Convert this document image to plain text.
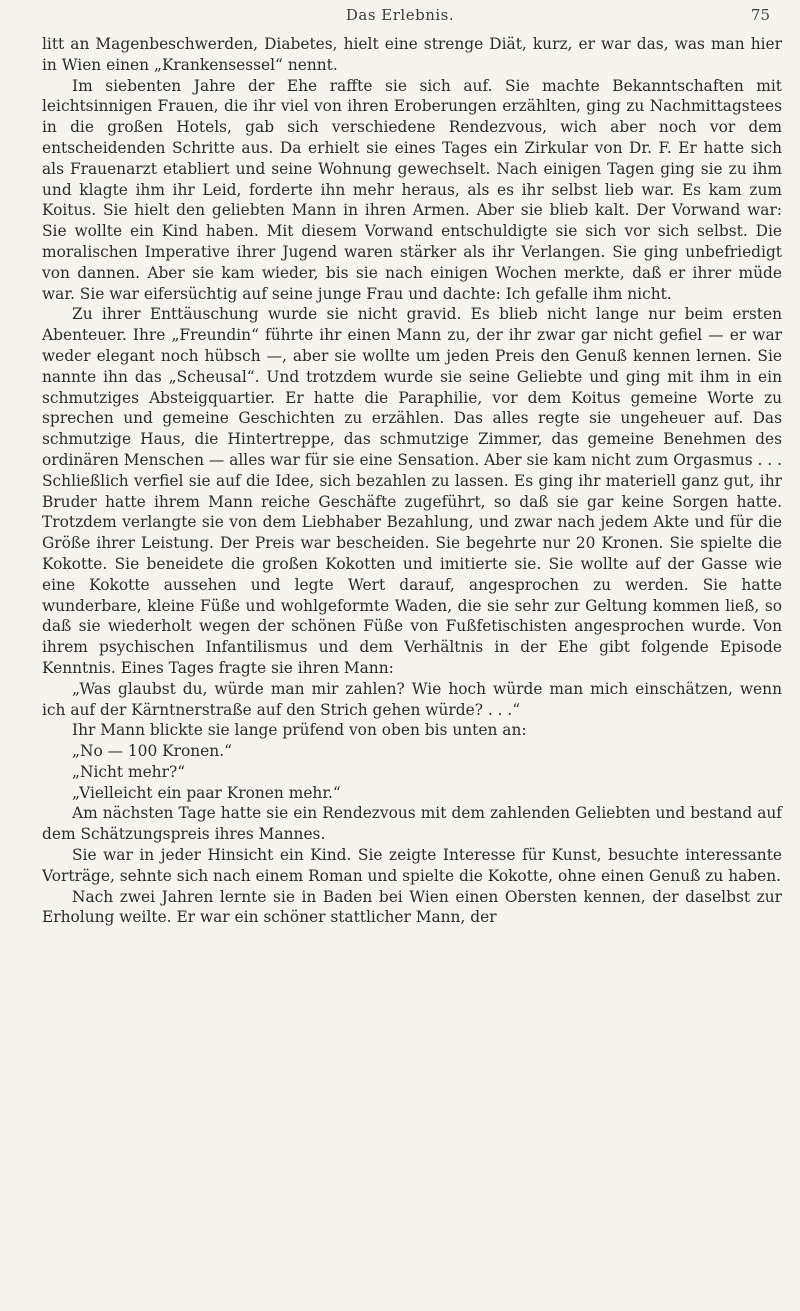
Das Erlebnis.	75

litt an Magenbeschwerden, Diabetes, hielt eine strenge Diät, kurz, er war das, was man hier in Wien einen „Krankensessel“ nennt.

Im siebenten Jahre der Ehe raffte sie sich auf. Sie machte Bekanntschaften mit leichtsinnigen Frauen, die ihr viel von ihren Eroberungen erzählten, ging zu Nachmittagstees in die großen Hotels, gab sich verschiedene Rendezvous, wich aber noch vor dem entscheidenden Schritte aus. Da erhielt sie eines Tages ein Zirkular von Dr. F. Er hatte sich als Frauenarzt etabliert und seine Wohnung gewechselt. Nach einigen Tagen ging sie zu ihm und klagte ihm ihr Leid, forderte ihn mehr heraus, als es ihr selbst lieb war. Es kam zum Koitus. Sie hielt den geliebten Mann in ihren Armen. Aber sie blieb kalt. Der Vorwand war: Sie wollte ein Kind haben. Mit diesem Vorwand entschuldigte sie sich vor sich selbst. Die moralischen Imperative ihrer Jugend waren stärker als ihr Verlangen. Sie ging unbefriedigt von dannen. Aber sie kam wieder, bis sie nach einigen Wochen merkte, daß er ihrer müde war. Sie war eifersüchtig auf seine junge Frau und dachte: Ich gefalle ihm nicht.

Zu ihrer Enttäuschung wurde sie nicht gravid. Es blieb nicht lange nur beim ersten Abenteuer. Ihre „Freundin“ führte ihr einen Mann zu, der ihr zwar gar nicht gefiel — er war weder elegant noch hübsch —, aber sie wollte um jeden Preis den Genuß kennen lernen. Sie nannte ihn das „Scheusal“. Und trotzdem wurde sie seine Geliebte und ging mit ihm in ein schmutziges Absteigquartier. Er hatte die Paraphilie, vor dem Koitus gemeine Worte zu sprechen und gemeine Geschichten zu erzählen. Das alles regte sie ungeheuer auf. Das schmutzige Haus, die Hintertreppe, das schmutzige Zimmer, das gemeine Benehmen des ordinären Menschen — alles war für sie eine Sensation. Aber sie kam nicht zum Orgasmus . . . Schließlich verfiel sie auf die Idee, sich bezahlen zu lassen. Es ging ihr materiell ganz gut, ihr Bruder hatte ihrem Mann reiche Geschäfte zugeführt, so daß sie gar keine Sorgen hatte. Trotzdem verlangte sie von dem Liebhaber Bezahlung, und zwar nach jedem Akte und für die Größe ihrer Leistung. Der Preis war bescheiden. Sie begehrte nur 20 Kronen. Sie spielte die Kokotte. Sie beneidete die großen Kokotten und imitierte sie. Sie wollte auf der Gasse wie eine Kokotte aussehen und legte Wert darauf, angesprochen zu werden. Sie hatte wunderbare, kleine Füße und wohlgeformte Waden, die sie sehr zur Geltung kommen ließ, so daß sie wiederholt wegen der schönen Füße von Fußfetischisten angesprochen wurde. Von ihrem psychischen Infantilismus und dem Verhältnis in der Ehe gibt folgende Episode Kenntnis. Eines Tages fragte sie ihren Mann:

„Was glaubst du, würde man mir zahlen? Wie hoch würde man mich einschätzen, wenn ich auf der Kärntnerstraße auf den Strich gehen würde? . . .“

Ihr Mann blickte sie lange prüfend von oben bis unten an:

„No — 100 Kronen.“

„Nicht mehr?“

„Vielleicht ein paar Kronen mehr.“

Am nächsten Tage hatte sie ein Rendezvous mit dem zahlenden Geliebten und bestand auf dem Schätzungspreis ihres Mannes.

Sie war in jeder Hinsicht ein Kind. Sie zeigte Interesse für Kunst, besuchte interessante Vorträge, sehnte sich nach einem Roman und spielte die Kokotte, ohne einen Genuß zu haben.

Nach zwei Jahren lernte sie in Baden bei Wien einen Obersten kennen, der daselbst zur Erholung weilte. Er war ein schöner stattlicher Mann, der
